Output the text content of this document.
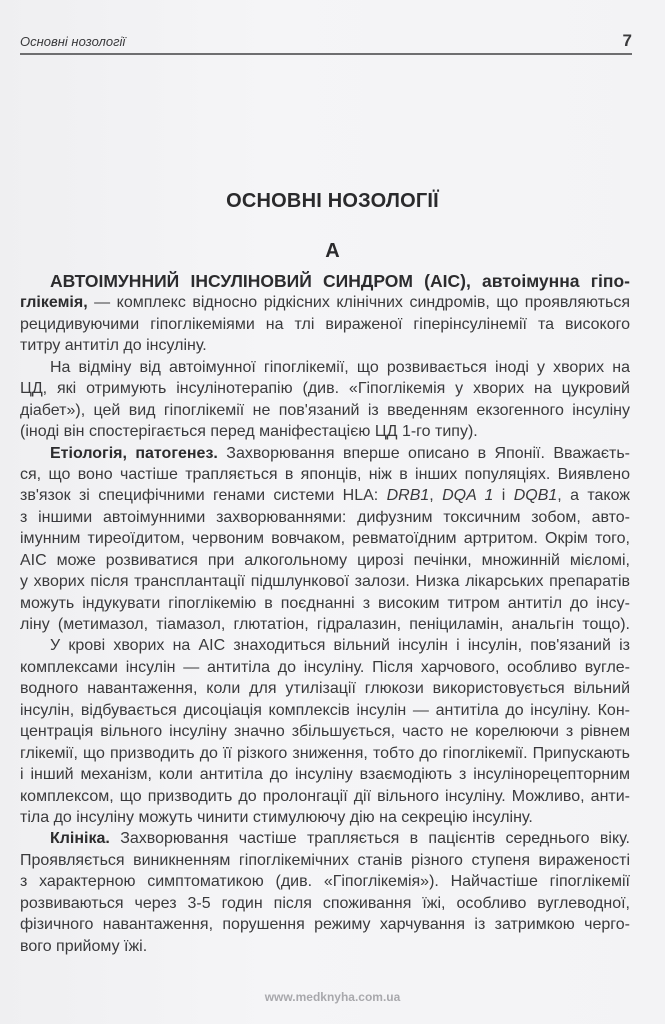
Основні нозології	7
ОСНОВНІ НОЗОЛОГІЇ
А
АВТОІМУННИЙ ІНСУЛІНОВИЙ СИНДРОМ (АІС), автоімунна гіпо-
глікемія, — комплекс відносно рідкісних клінічних синдромів, що проявляються
рецидивуючими гіпоглікеміями на тлі вираженої гіперінсулінемії та високого
титру антитіл до інсуліну.
На відміну від автоімунної гіпоглікемії, що розвивається іноді у хворих на
ЦД, які отримують інсулінотерапію (див. «Гіпоглікемія у хворих на цукровий
діабет»), цей вид гіпоглікемії не пов'язаний із введенням екзогенного інсуліну
(іноді він спостерігається перед маніфестацією ЦД 1-го типу).
Етіологія, патогенез. Захворювання вперше описано в Японії. Вважаєть-
ся, що воно частіше трапляється в японців, ніж в інших популяціях. Виявлено
зв'язок зі специфічними генами системи HLA: DRB1, DQA 1 і DQB1, а також
з іншими автоімунними захворюваннями: дифузним токсичним зобом, авто-
імунним тиреоїдитом, червоним вовчаком, ревматоїдним артритом. Окрім того,
АІС може розвиватися при алкогольному цирозі печінки, множинній мієломі,
у хворих після трансплантації підшлункової залози. Низка лікарських препаратів
можуть індукувати гіпоглікемію в поєднанні з високим титром антитіл до інсу-
ліну (метимазол, тіамазол, глютатіон, гідралазин, пеніциламін, анальгін тощо).
У крові хворих на АІС знаходиться вільний інсулін і інсулін, пов'язаний із
комплексами інсулін — антитіла до інсуліну. Після харчового, особливо вугле-
водного навантаження, коли для утилізації глюкози використовується вільний
інсулін, відбувається дисоціація комплексів інсулін — антитіла до інсуліну. Кон-
центрація вільного інсуліну значно збільшується, часто не корелюючи з рівнем
глікемії, що призводить до її різкого зниження, тобто до гіпоглікемії. Припускають
і інший механізм, коли антитіла до інсуліну взаємодіють з інсулінорецепторним
комплексом, що призводить до пролонгації дії вільного інсуліну. Можливо, анти-
тіла до інсуліну можуть чинити стимулюючу дію на секрецію інсуліну.
Клініка. Захворювання частіше трапляється в пацієнтів середнього віку.
Проявляється виникненням гіпоглікемічних станів різного ступеня вираженості
з характерною симптоматикою (див. «Гіпоглікемія»). Найчастіше гіпоглікемії
розвиваються через 3-5 годин після споживання їжі, особливо вуглеводної,
фізичного навантаження, порушення режиму харчування із затримкою черго-
вого прийому їжі.
www.medknyha.com.ua
